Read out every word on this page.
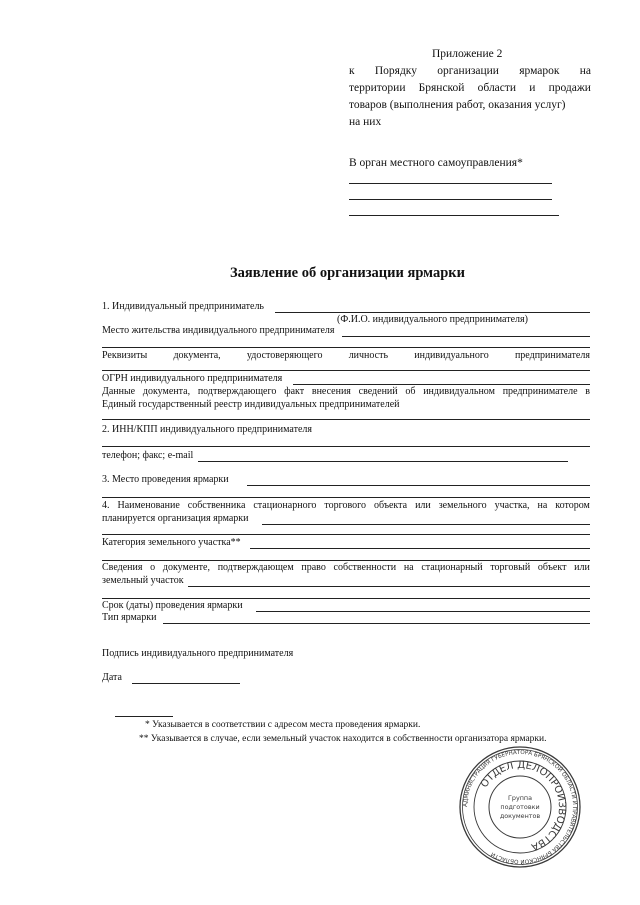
Приложение 2
к Порядку организации ярмарок на
территории Брянской области и продажи
товаров (выполнения работ, оказания услуг)
на них
В орган местного самоуправления*
Заявление об организации ярмарки
1. Индивидуальный предприниматель
(Ф.И.О. индивидуального предпринимателя)
Место жительства индивидуального предпринимателя
Реквизиты	документа,	удостоверяющего	личность	индивидуального	предпринимателя
ОГРН индивидуального предпринимателя
Данные документа, подтверждающего факт внесения сведений об индивидуальном предпринимателе в
Единый государственный реестр индивидуальных предпринимателей
2. ИНН/КПП индивидуального предпринимателя
телефон; факс; e-mail
3. Место проведения ярмарки
4. Наименование собственника стационарного торгового объекта или земельного участка, на котором
планируется организация ярмарки
Категория земельного участка**
Сведения о документе, подтверждающем право собственности на стационарный торговый объект или
земельный участок
Срок (даты) проведения ярмарки
Тип ярмарки
Подпись индивидуального предпринимателя
Дата
* Указывается в соответствии с адресом места проведения ярмарки.
** Указывается в случае, если земельный участок находится в собственности организатора ярмарки.
АДМИНИСТРАЦИЯ ГУБЕРНАТОРА БРЯНСКОЙ ОБЛАСТИ И ПРАВИТЕЛЬСТВА БРЯНСКОЙ ОБЛАСТИ
ОТДЕЛ ДЕЛОПРОИЗВОДСТВА
Группа
подготовки
документов
